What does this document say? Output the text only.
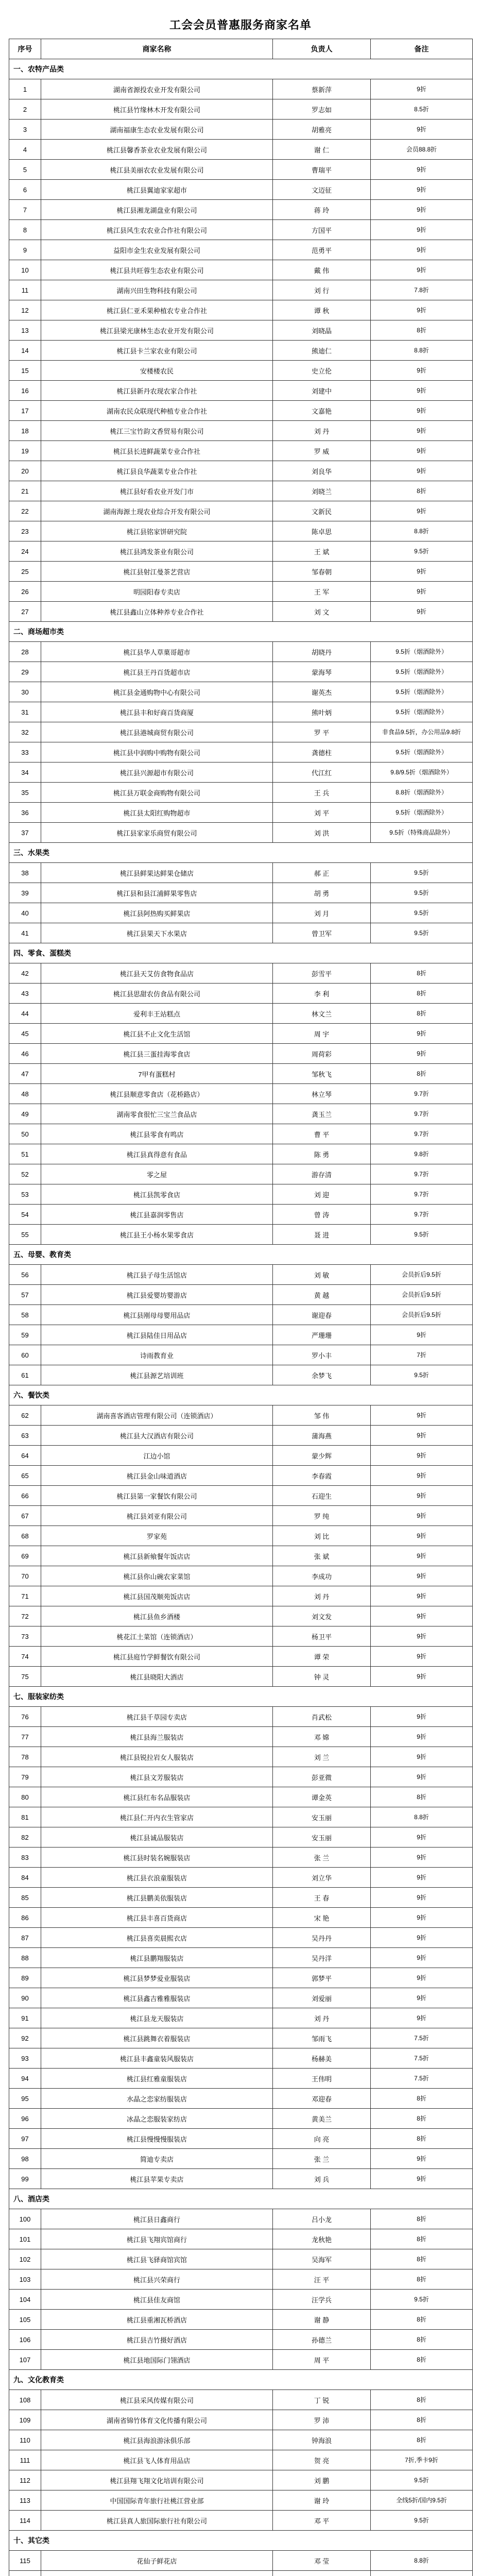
工会会员普惠服务商家名单
序号	商家名称	负责人	备注
一、农特产品类			
1	湖南省源投农业开发有限公司	蔡新萍	9折
2	桃江县竹缘林木开发有限公司	罗志如	8.5折
3	湖南福康生态农业发展有限公司	胡雅亮	9折
4	桃江县馨香茶业农业发展有限公司	谢 仁	会员88.8折
5	桃江县美丽农农业发展有限公司	曹瑞平	9折
6	桃江县翼迪家家超市	文迈征	9折
7	桃江县湘龙湖盘业有限公司	蒋 玲	9折
8	桃江县风生农农业合作社有限公司	方国平	9折
9	益阳市金生农业发展有限公司	范勇平	9折
10	桃江县共旺蓉生态农业有限公司	戴 伟	9折
11	湖南兴田生物科技有限公司	刘 行	7.8折
12	桃江县仁亚禾果种植农专业合作社	谭 秋	9折
13	桃江县梁光康林生态农业开发有限公司	刘晓晶	8折
14	桃江县卡兰家农业有限公司	熊迪仁	8.8折
15	安楼楼农民	史立伦	9折
16	桃江县新丹农现农家合作社	刘建中	9折
17	湖南农民众联现代种植专业合作社	文嘉艳	9折
18	桃江三宝竹韵文香贸易有限公司	刘 丹	9折
19	桃江县长进鲜蔬菜专业合作社	罗 威	9折
20	桃江县良华蔬菜专业合作社	刘良华	9折
21	桃江县好看农业开发门市	刘晓兰	8折
22	湖南海源土现农业综合开发有限公司	文新民	9折
23	桃江县铭家饼研究院	陈卓思	8.8折
24	桃江县鸿发茶业有限公司	王 斌	9.5折
25	桃江县射江曼茶艺营店	邹春朝	9折
26	明园阳春专卖店	王 军	9折
27	桃江县鑫山立体种养专业合作社	刘 文	9折
二、商场超市类			
28	桃江县华人草菓哥超市	胡晓丹	9.5折（烟酒除外）
29	桃江县王丹百货超市店	蒙海琴	9.5折（烟酒除外）
30	桃江县金通购物中心有限公司	谢英杰	9.5折（烟酒除外）
31	桃江县丰和好商百货商厦	熊叶炳	9.5折（烟酒除外）
32	桃江县港城商贸有限公司	罗 平	非食品9.5折，办公用品9.8折
33	桃江县中润购中购物有限公司	龚德柱	9.5折（烟酒除外）
34	桃江县兴源超市有限公司	代江红	9.8/9.5折（烟酒除外）
35	桃江县万联金商购物有限公司	王 兵	8.8折（烟酒除外）
36	桃江县太阳红购物超市	刘 平	9.5折（烟酒除外）
37	桃江县家家乐商贸有限公司	刘 洪	9.5折（特殊商品除外）
三、水果类			
38	桃江县鲜果达鲜果仓储店	郝 正	9.5折
39	桃江县和县江浦鲜果零售店	胡 勇	9.5折
40	桃江县阿热购买鲜果店	刘 月	9.5折
41	桃江县果天下水果店	曾卫军	9.5折
四、零食、蛋糕类			
42	桃江县天艾仿食物食品店	彭雪平	8折
43	桃江县思甜农仿食品有限公司	李 利	8折
44	爱利丰王站糕点	林文兰	8折
45	桃江县不止文化生活馆	周 宇	9折
46	桃江县三蛋挂海零食店	周荷彩	9折
47	7甲有蛋糕村	邹秋飞	8折
48	桃江县顺意零食店（花桥路店）	林立琴	9.7折
49	湖南零食很忙三宝兰食品店	龚玉兰	9.7折
50	桃江县零食有鸣店	曹 平	9.7折
51	桃江县真得意有食品	陈 勇	9.8折
52	零之屋	游存清	9.7折
53	桃江县凯零食店	刘 迎	9.7折
54	桃江县嘉润零售店	曾 涛	9.7折
55	桃江县王小杨水果零食店	聂 进	9.5折
五、母婴、教育类			
56	桃江县子母生活馆店	刘 敏	会员折后9.5折
57	桃江县爱婴坊婴游店	黄 越	会员折后9.5折
58	桃江县刚母母婴用品店	谢迎春	会员折后9.5折
59	桃江县陆佳日用品店	严珊珊	9折
60	诗雨教育业	罗小丰	7折
61	桃江县源艺培训班	余梦飞	9.5折
六、餐饮类			
62	湖南喜客酒店管理有限公司（连锁酒店）	邹 伟	9折
63	桃江县大汉酒店有限公司	蒲海燕	9折
64	江边小馆	蒙少辉	9折
65	桃江县金山味道酒店	李春霞	9折
66	桃江县第一家餐饮有限公司	石迎生	9折
67	桃江县刘亚有限公司	罗 纯	9折
68	罗家苑	刘 比	9折
69	桃江县新飨餐年饭店店	张 斌	9折
70	桃江县你山碗农家菜馆	李成功	9折
71	桃江县国茂顺苑饭店店	刘 丹	9折
72	桃江县鱼乡酒楼	刘文发	9折
73	桃花江土菜馆（连锁酒店）	杨卫平	9折
74	桃江县庭竹学鲜餐饮有限公司	谭 荣	9折
75	桃江县晓阳大酒店	钟 灵	9折
七、服装家纺类			
76	桃江县千草园专卖店	肖武松	9折
77	桃江县海兰服装店	邓 嫦	9折
78	桃江县锐拉岩女人服装店	刘 兰	9折
79	桃江县文芳服装店	彭亚微	9折
80	桃江县红布名品服装店	谭金英	8折
81	桃江县仁开内衣生管家店	安玉丽	8.8折
82	桃江县诚品服装店	安玉丽	9折
83	桃江县时装名婉服装店	张 兰	9折
84	桃江县衣浪童服装店	刘立华	9折
85	桃江县鹏美依服装店	王 春	9折
86	桃江县丰喜百货商店	宋 艳	9折
87	桃江县喜奕晨熙衣店	吴丹丹	9折
88	桃江县鹏翔服装店	吴丹洋	9折
89	桃江县梦梦爱业服装店	郭梦平	9折
90	桃江县鑫吉雅雅服装店	刘爱丽	9折
91	桃江县龙天服装店	刘 丹	9折
92	桃江县跳舞衣着服装店	邹雨飞	7.5折
93	桃江县丰鑫童装风服装店	杨赫美	7.5折
94	桃江县红雅童服装店	王伟明	7.5折
95	水晶之恋家纺服装店	邓迎春	8折
96	冰晶之恋服装家纺店	黄美兰	8折
97	桃江县慢慢慢服装店	向 亮	8折
98	简迪专卖店	张 兰	9折
99	桃江县苹果专卖店	刘 兵	9折
八、酒店类			
100	桃江县日鑫商行	吕小龙	8折
101	桃江县飞翔宾馆商行	龙秋艳	8折
102	桃江县飞驿商馆宾馆	吴海军	8折
103	桃江县兴荣商行	汪 平	8折
104	桃江县佳友商馆	汪学兵	9.5折
105	桃江县重湘瓦桥酒店	谢 静	8折
106	桃江县吉竹摄好酒店	孙德兰	8折
107	桃江县地国际门翎酒店	周 平	8折
九、文化教育类			
108	桃江县采风传媒有限公司	丁 锐	8折
109	湖南省锦竹体育文化传播有限公司	罗 沛	8折
110	桃江县海浪游泳俱乐部	钟海浪	8折
111	桃江县飞人体育用品店	贺 亮	7折,季卡9折
112	桃江县翔飞翔文化培训有限公司	刘 鹏	9.5折
113	中国国际青年旅行社桃江营业部	谢 玲	全线5折/国内9.5折
114	桃江县真人旅国际旅行社有限公司	邓 平	9.5折
十、其它类			
115	花仙子鲜花店	邓 莹	8.8折
